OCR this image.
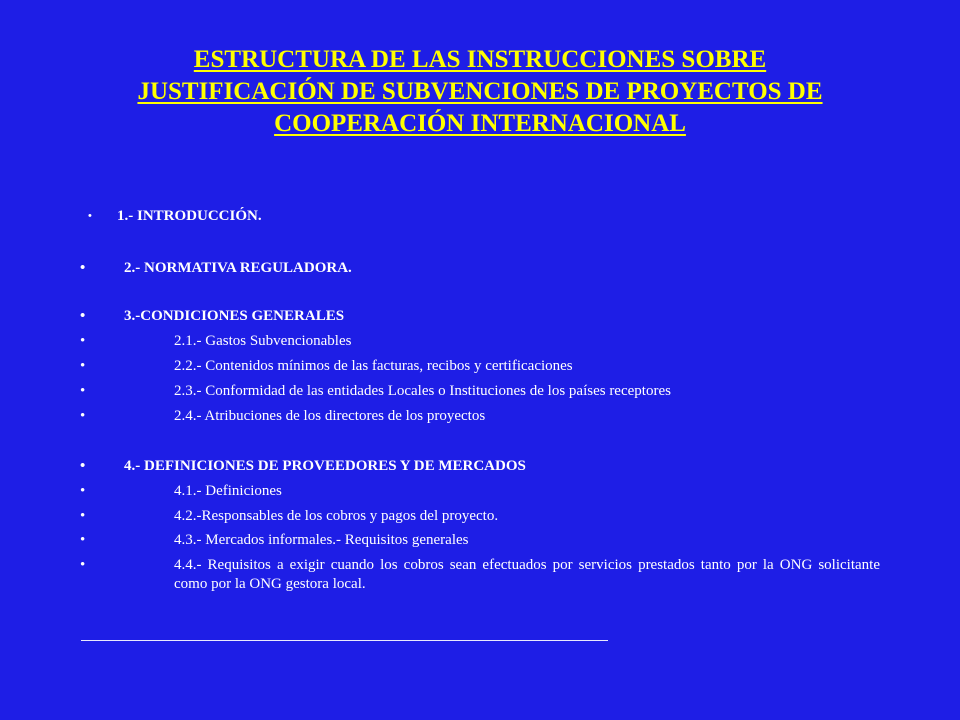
ESTRUCTURA DE LAS INSTRUCCIONES SOBRE
JUSTIFICACIÓN DE SUBVENCIONES DE PROYECTOS DE
COOPERACIÓN INTERNACIONAL
• 1.- INTRODUCCIÓN.
•	2.- NORMATIVA REGULADORA.
•	3.-CONDICIONES GENERALES
•	2.1.- Gastos Subvencionables
•	2.2.- Contenidos mínimos de las facturas, recibos y certificaciones
•	2.3.- Conformidad de las entidades Locales o Instituciones de los países receptores
•	2.4.- Atribuciones de los directores de los proyectos
•	4.- DEFINICIONES DE PROVEEDORES Y DE MERCADOS
•	4.1.- Definiciones
•	4.2.-Responsables de los cobros y pagos del proyecto.
•	4.3.- Mercados informales.- Requisitos generales
•	4.4.- Requisitos a exigir cuando los cobros sean efectuados por servicios prestados tanto por la ONG solicitante como por la ONG gestora local.
